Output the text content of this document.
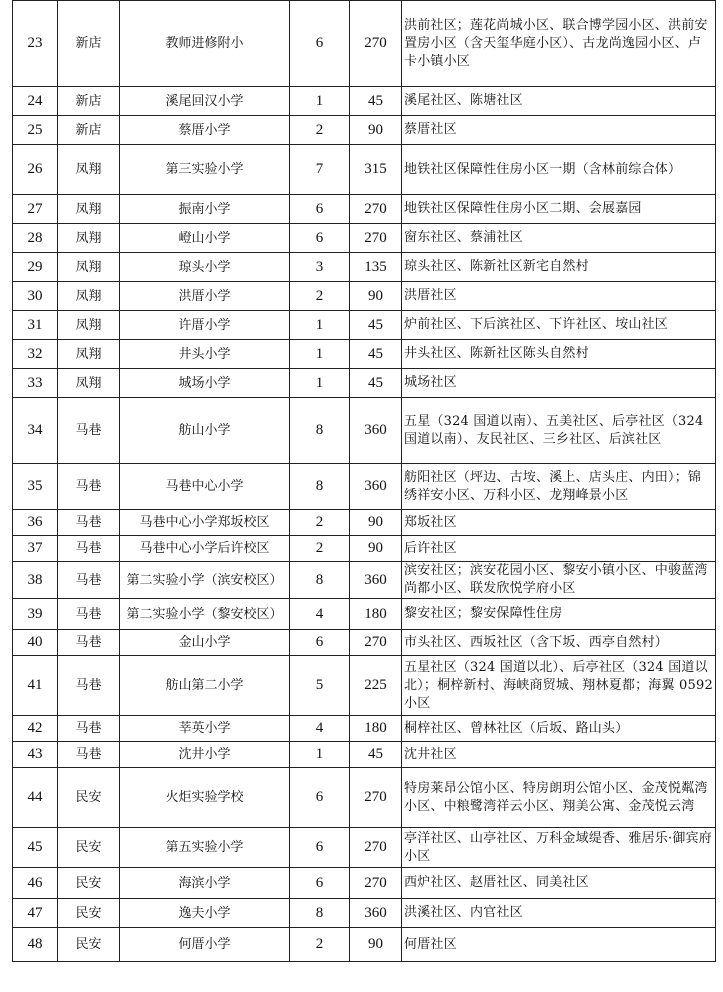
23	新店	教师进修附小	6	270	洪前社区；莲花尚城小区、联合博学园小区、洪前安置房小区（含天玺华庭小区）、古龙尚逸园小区、卢卡小镇小区
24	新店	溪尾回汉小学	1	45	溪尾社区、陈塘社区
25	新店	蔡厝小学	2	90	蔡厝社区
26	凤翔	第三实验小学	7	315	地铁社区保障性住房小区一期（含林前综合体）
27	凤翔	振南小学	6	270	地铁社区保障性住房小区二期、会展嘉园
28	凤翔	嶝山小学	6	270	窗东社区、蔡浦社区
29	凤翔	琼头小学	3	135	琼头社区、陈新社区新宅自然村
30	凤翔	洪厝小学	2	90	洪厝社区
31	凤翔	许厝小学	1	45	炉前社区、下后滨社区、下许社区、垵山社区
32	凤翔	井头小学	1	45	井头社区、陈新社区陈头自然村
33	凤翔	城场小学	1	45	城场社区
34	马巷	舫山小学	8	360	五星（324 国道以南）、五美社区、后亭社区（324 国道以南）、友民社区、三乡社区、后滨社区
35	马巷	马巷中心小学	8	360	舫阳社区（坪边、古垵、溪上、店头庄、内田）；锦绣祥安小区、万科小区、龙翔峰景小区
36	马巷	马巷中心小学郑坂校区	2	90	郑坂社区
37	马巷	马巷中心小学后许校区	2	90	后许社区
38	马巷	第二实验小学（滨安校区）	8	360	滨安社区；滨安花园小区、黎安小镇小区、中骏蓝湾尚都小区、联发欣悦学府小区
39	马巷	第二实验小学（黎安校区）	4	180	黎安社区；黎安保障性住房
40	马巷	金山小学	6	270	市头社区、西坂社区（含下坂、西亭自然村）
41	马巷	舫山第二小学	5	225	五星社区（324 国道以北）、后亭社区（324 国道以北）；桐梓新村、海峡商贸城、翔林夏都；海翼 0592 小区
42	马巷	莘英小学	4	180	桐梓社区、曾林社区（后坂、路山头）
43	马巷	沈井小学	1	45	沈井社区
44	民安	火炬实验学校	6	270	特房莱昂公馆小区、特房朗玥公馆小区、金茂悦粼湾小区、中粮鹭湾祥云小区、翔美公寓、金茂悦云湾
45	民安	第五实验小学	6	270	亭洋社区、山亭社区、万科金域缇香、雅居乐·御宾府小区
46	民安	海滨小学	6	270	西炉社区、赵厝社区、同美社区
47	民安	逸夫小学	8	360	洪溪社区、内官社区
48	民安	何厝小学	2	90	何厝社区
